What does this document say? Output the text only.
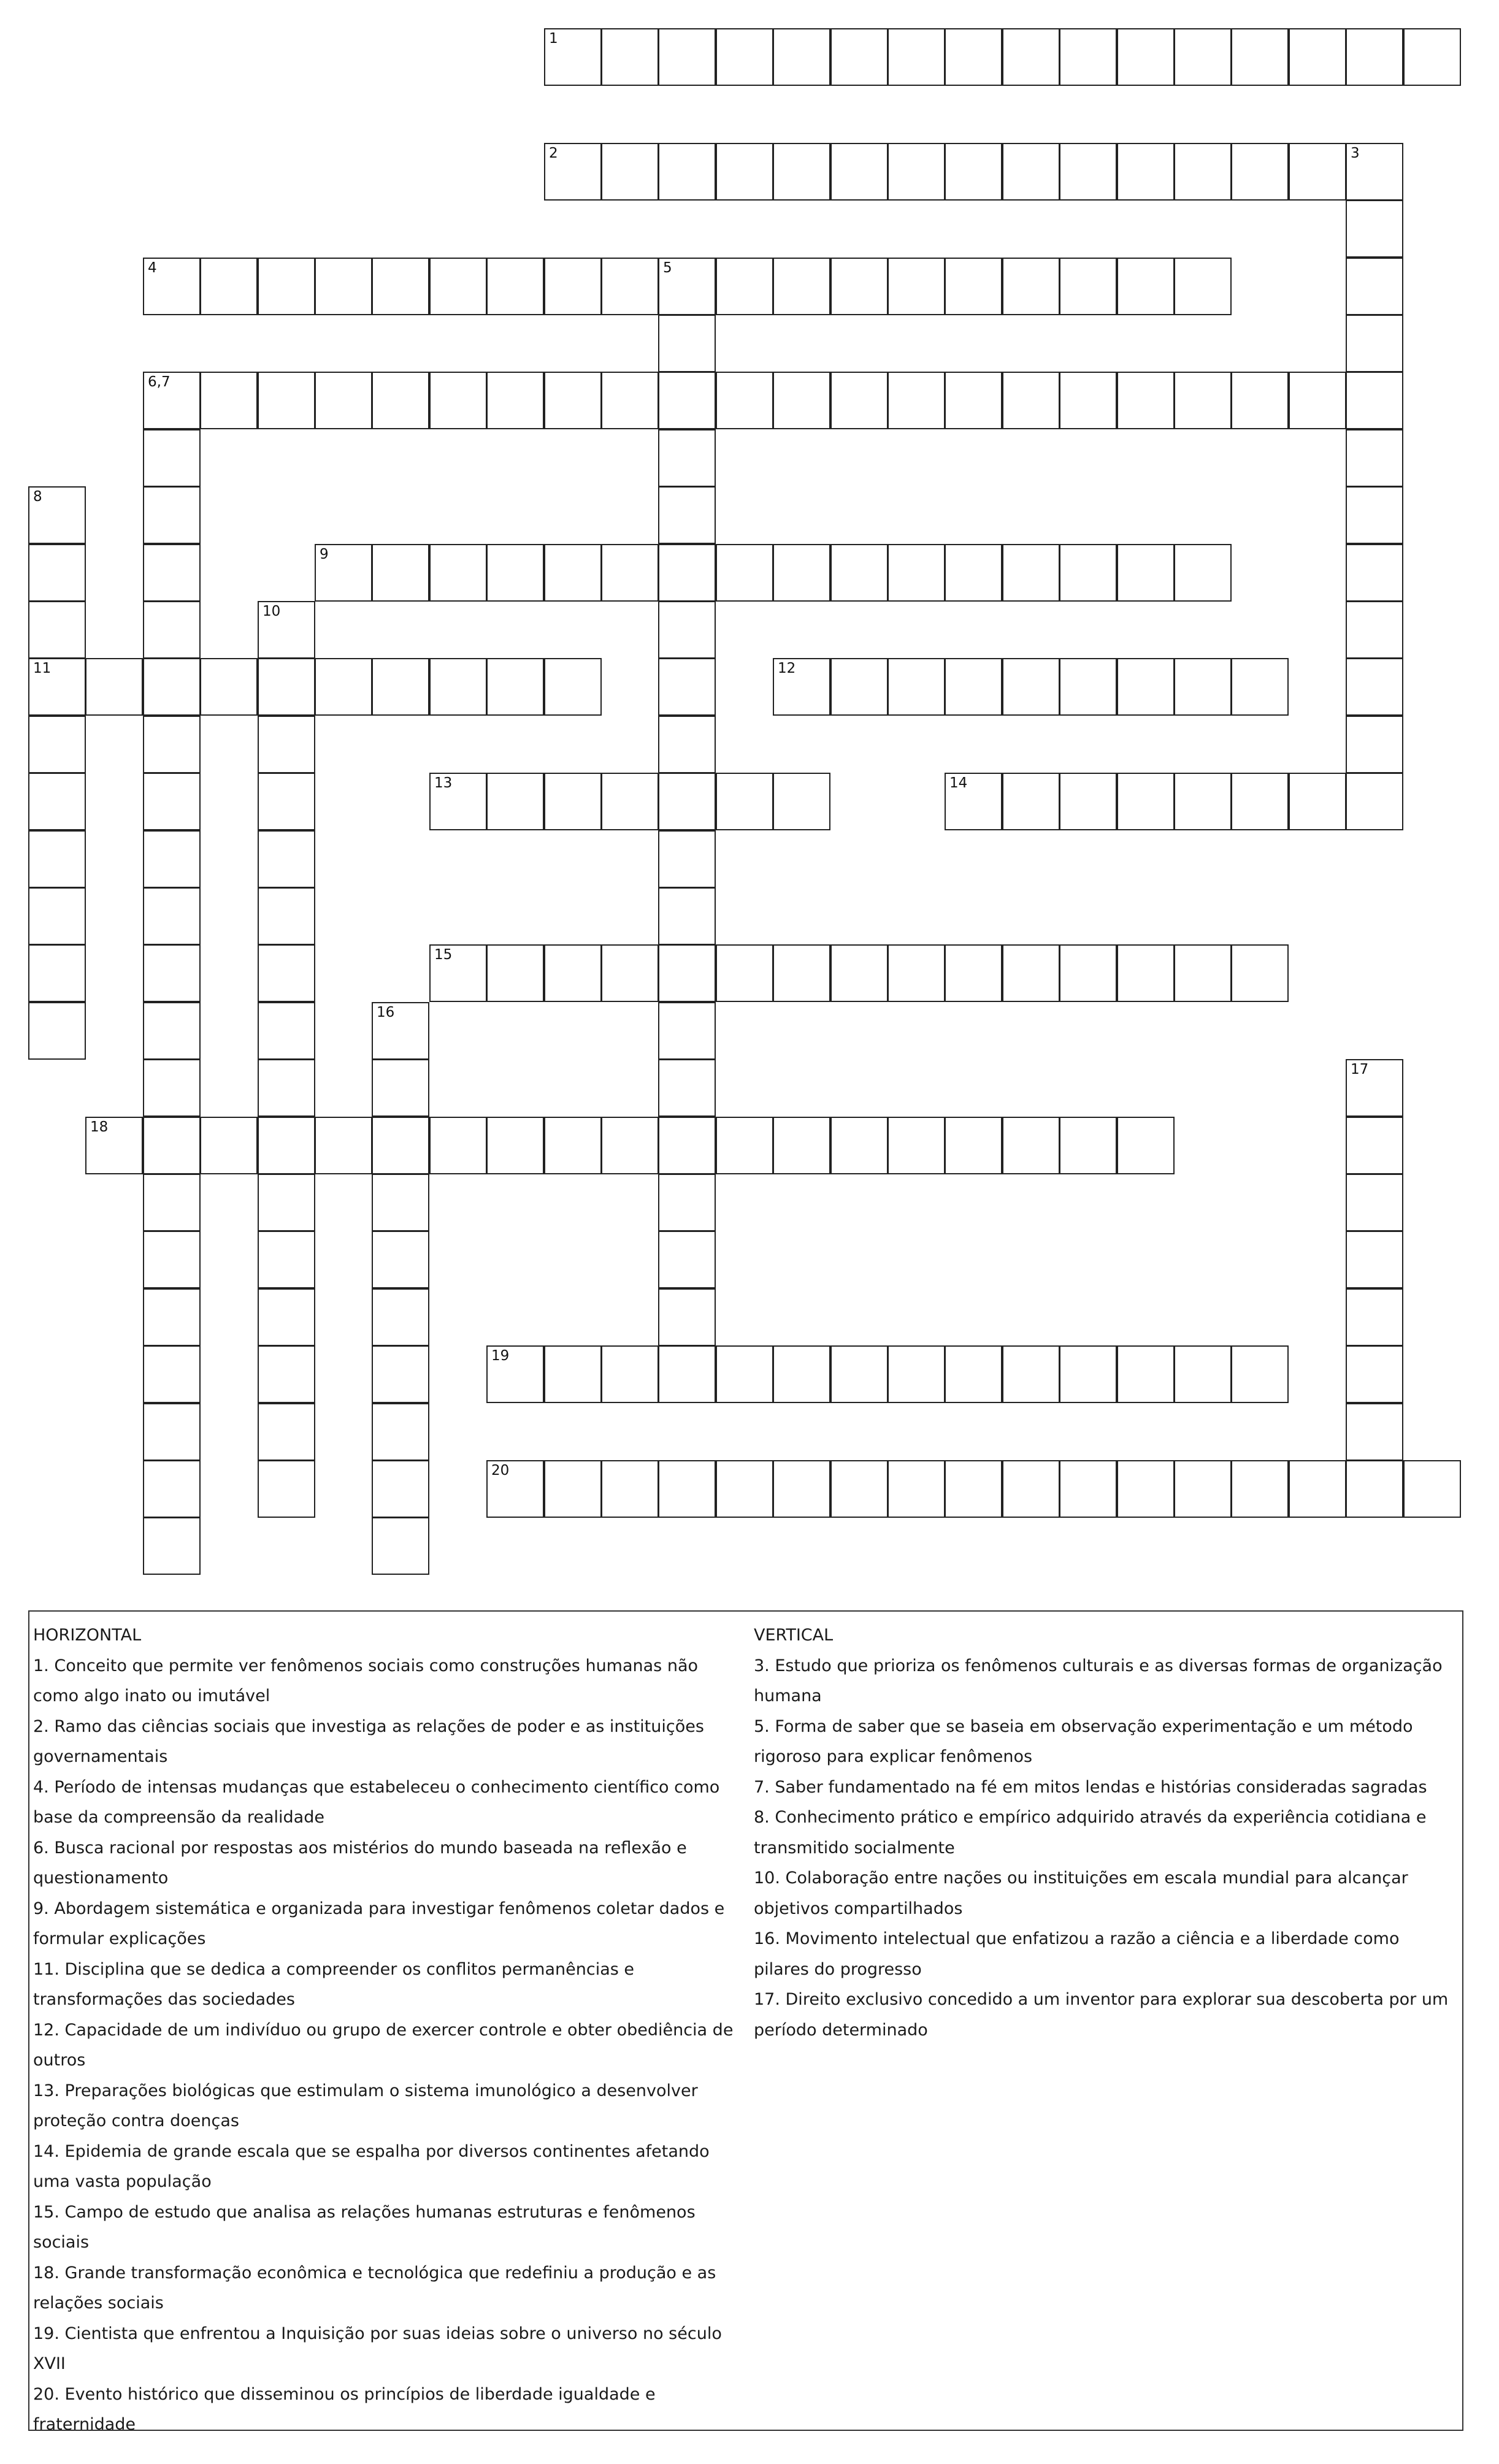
1
2	3
4	5
6,7
9
11	12
13	14
15
18
19
20
8
10
16
17
HORIZONTAL
1. Conceito que permite ver fenômenos sociais como construções humanas não como algo inato ou imutável
2. Ramo das ciências sociais que investiga as relações de poder e as instituições governamentais
4. Período de intensas mudanças que estabeleceu o conhecimento científico como base da compreensão da realidade
6. Busca racional por respostas aos mistérios do mundo baseada na reflexão e questionamento
9. Abordagem sistemática e organizada para investigar fenômenos coletar dados e formular explicações
11. Disciplina que se dedica a compreender os conflitos permanências e transformações das sociedades
12. Capacidade de um indivíduo ou grupo de exercer controle e obter obediência de outros
13. Preparações biológicas que estimulam o sistema imunológico a desenvolver proteção contra doenças
14. Epidemia de grande escala que se espalha por diversos continentes afetando uma vasta população
15. Campo de estudo que analisa as relações humanas estruturas e fenômenos sociais
18. Grande transformação econômica e tecnológica que redefiniu a produção e as relações sociais
19. Cientista que enfrentou a Inquisição por suas ideias sobre o universo no século XVII
20. Evento histórico que disseminou os princípios de liberdade igualdade e fraternidade
VERTICAL
3. Estudo que prioriza os fenômenos culturais e as diversas formas de organização humana
5. Forma de saber que se baseia em observação experimentação e um método rigoroso para explicar fenômenos
7. Saber fundamentado na fé em mitos lendas e histórias consideradas sagradas
8. Conhecimento prático e empírico adquirido através da experiência cotidiana e transmitido socialmente
10. Colaboração entre nações ou instituições em escala mundial para alcançar objetivos compartilhados
16. Movimento intelectual que enfatizou a razão a ciência e a liberdade como pilares do progresso
17. Direito exclusivo concedido a um inventor para explorar sua descoberta por um período determinado
